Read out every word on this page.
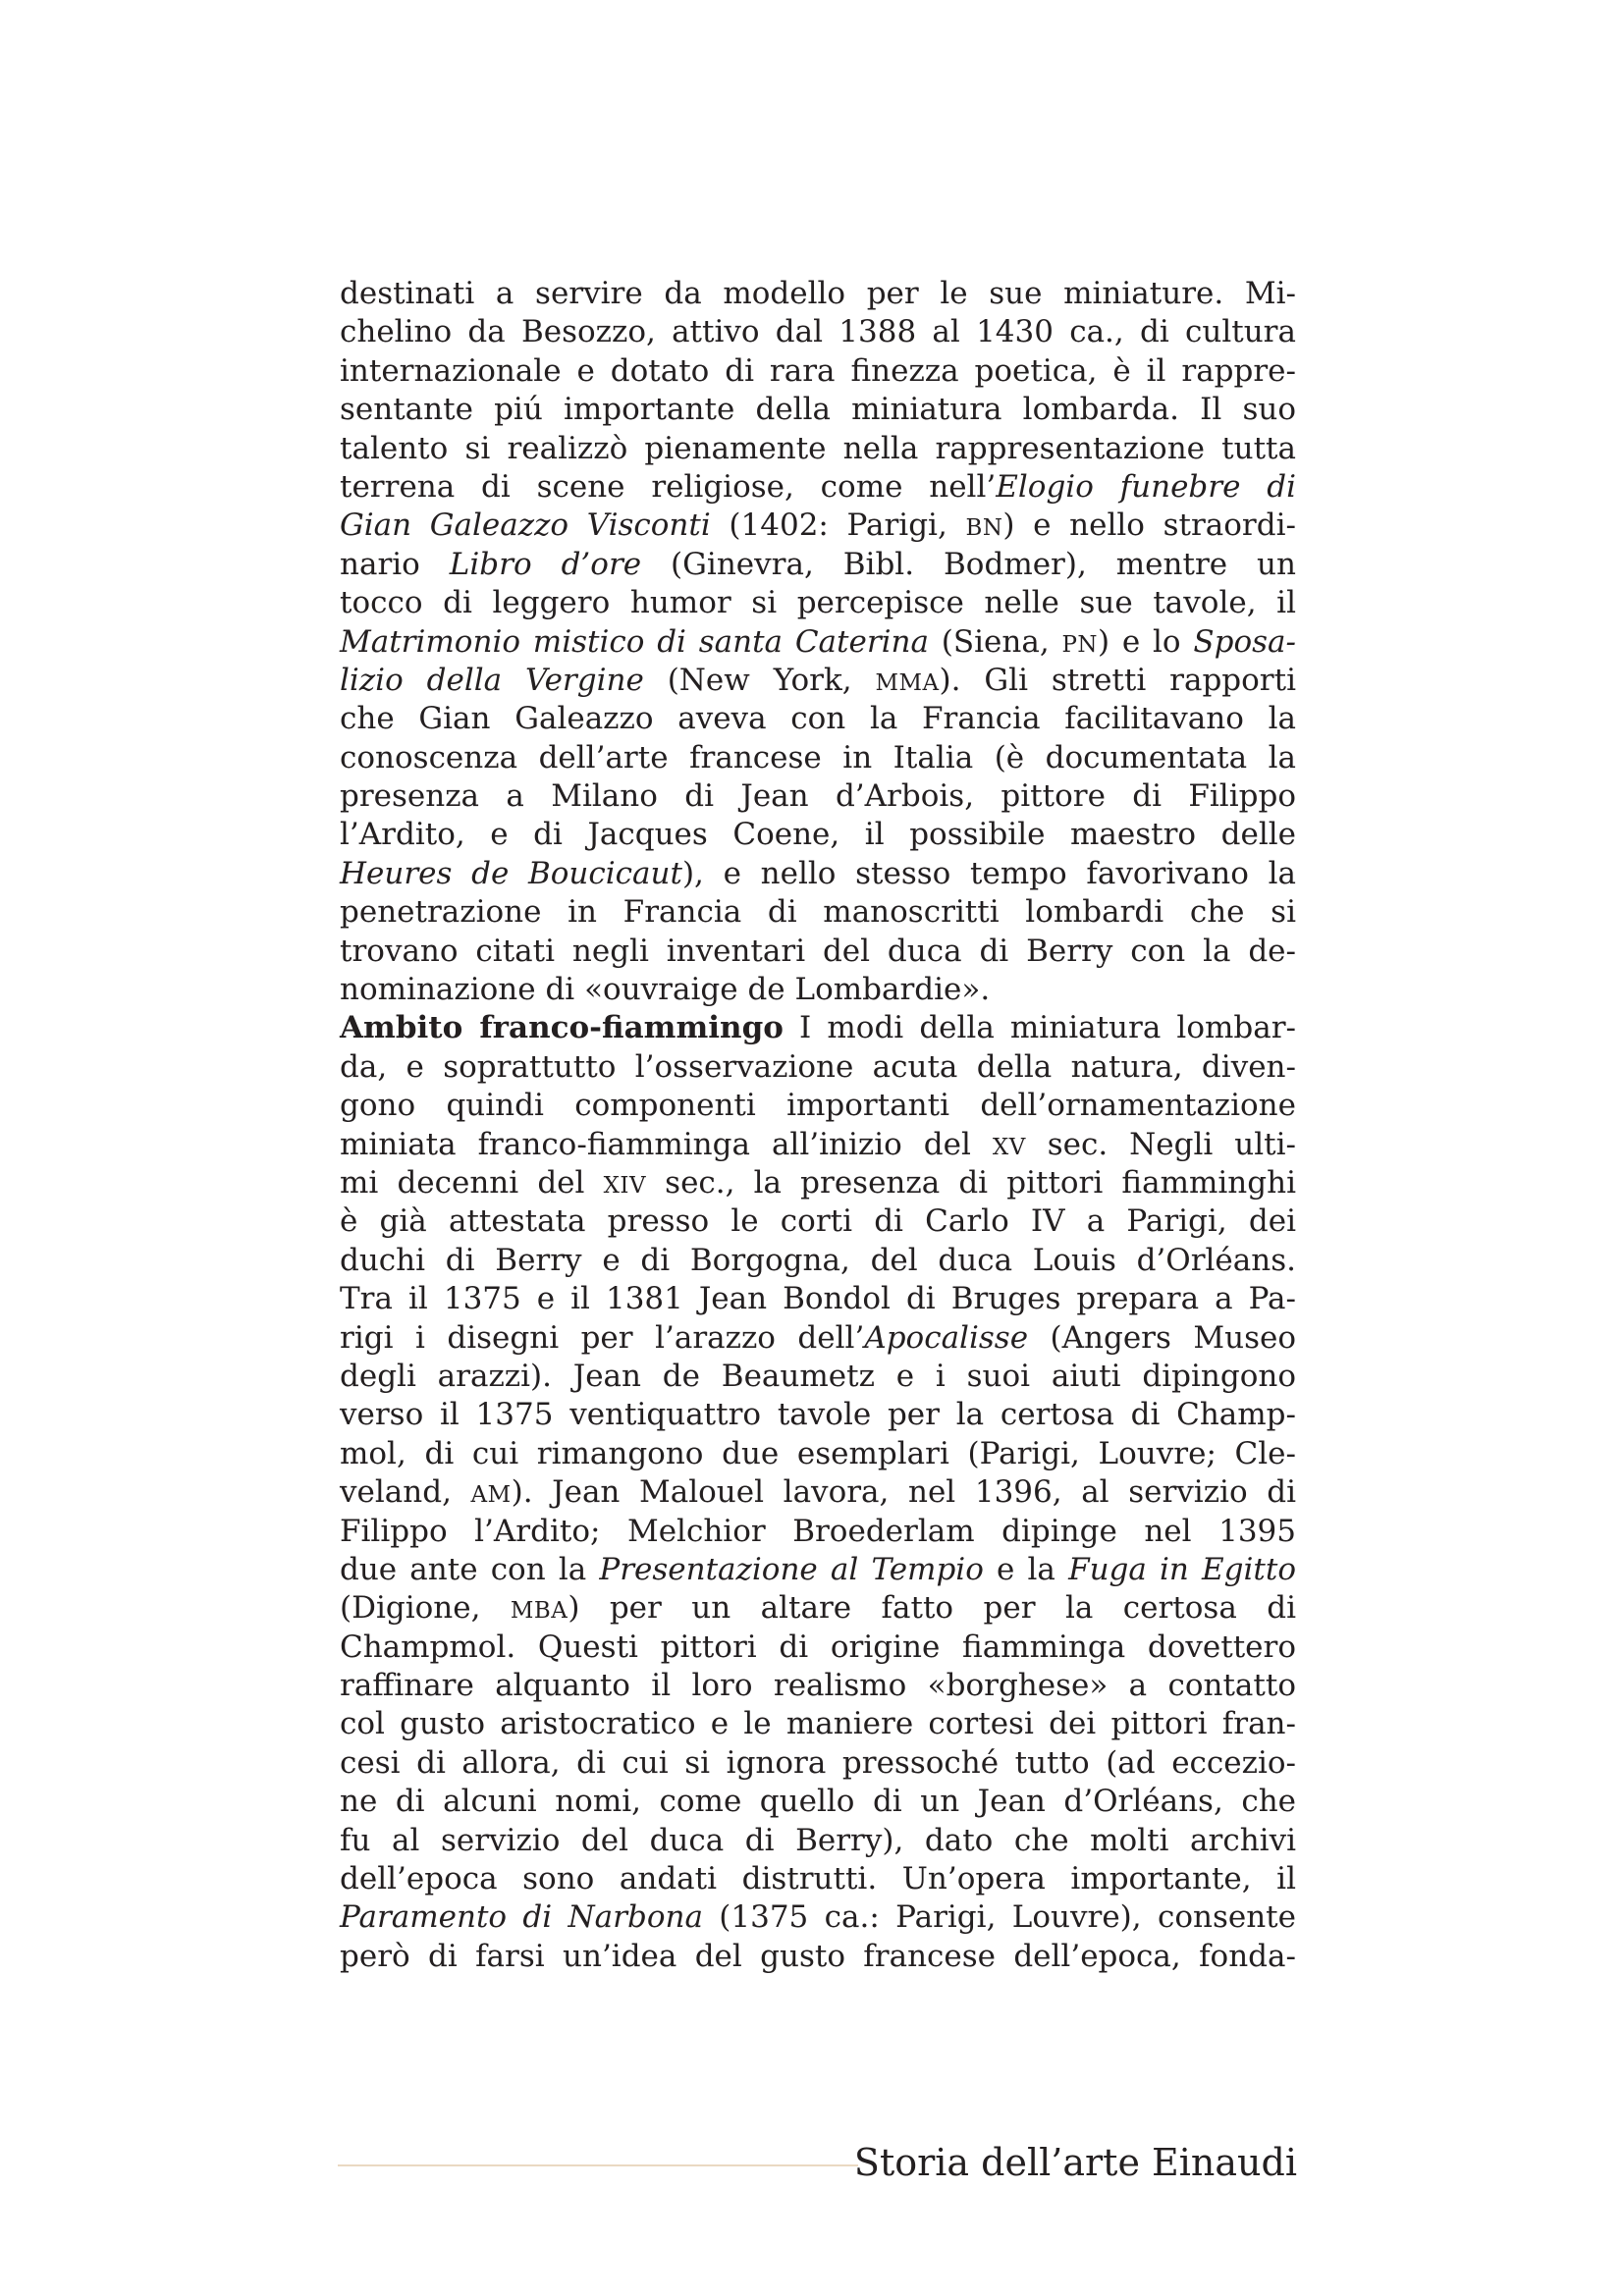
destinati a servire da modello per le sue miniature. Mi-
chelino da Besozzo, attivo dal 1388 al 1430 ca., di cultura
internazionale e dotato di rara finezza poetica, è il rappre-
sentante piú importante della miniatura lombarda. Il suo
talento si realizzò pienamente nella rappresentazione tutta
terrena di scene religiose, come nell’Elogio funebre di
Gian Galeazzo Visconti (1402: Parigi, BN) e nello straordi-
nario Libro d’ore (Ginevra, Bibl. Bodmer), mentre un
tocco di leggero humor si percepisce nelle sue tavole, il
Matrimonio mistico di santa Caterina (Siena, PN) e lo Sposa-
lizio della Vergine (New York, MMA). Gli stretti rapporti
che Gian Galeazzo aveva con la Francia facilitavano la
conoscenza dell’arte francese in Italia (è documentata la
presenza a Milano di Jean d’Arbois, pittore di Filippo
l’Ardito, e di Jacques Coene, il possibile maestro delle
Heures de Boucicaut), e nello stesso tempo favorivano la
penetrazione in Francia di manoscritti lombardi che si
trovano citati negli inventari del duca di Berry con la de-
nominazione di «ouvraige de Lombardie».
Ambito franco-fiammingo I modi della miniatura lombar-
da, e soprattutto l’osservazione acuta della natura, diven-
gono quindi componenti importanti dell’ornamentazione
miniata franco-fiamminga all’inizio del XV sec. Negli ulti-
mi decenni del XIV sec., la presenza di pittori fiamminghi
è già attestata presso le corti di Carlo IV a Parigi, dei
duchi di Berry e di Borgogna, del duca Louis d’Orléans.
Tra il 1375 e il 1381 Jean Bondol di Bruges prepara a Pa-
rigi i disegni per l’arazzo dell’Apocalisse (Angers Museo
degli arazzi). Jean de Beaumetz e i suoi aiuti dipingono
verso il 1375 ventiquattro tavole per la certosa di Champ-
mol, di cui rimangono due esemplari (Parigi, Louvre; Cle-
veland, AM). Jean Malouel lavora, nel 1396, al servizio di
Filippo l’Ardito; Melchior Broederlam dipinge nel 1395
due ante con la Presentazione al Tempio e la Fuga in Egitto
(Digione, MBA) per un altare fatto per la certosa di
Champmol. Questi pittori di origine fiamminga dovettero
raffinare alquanto il loro realismo «borghese» a contatto
col gusto aristocratico e le maniere cortesi dei pittori fran-
cesi di allora, di cui si ignora pressoché tutto (ad eccezio-
ne di alcuni nomi, come quello di un Jean d’Orléans, che
fu al servizio del duca di Berry), dato che molti archivi
dell’epoca sono andati distrutti. Un’opera importante, il
Paramento di Narbona (1375 ca.: Parigi, Louvre), consente
però di farsi un’idea del gusto francese dell’epoca, fonda-
Storia dell’arte Einaudi
